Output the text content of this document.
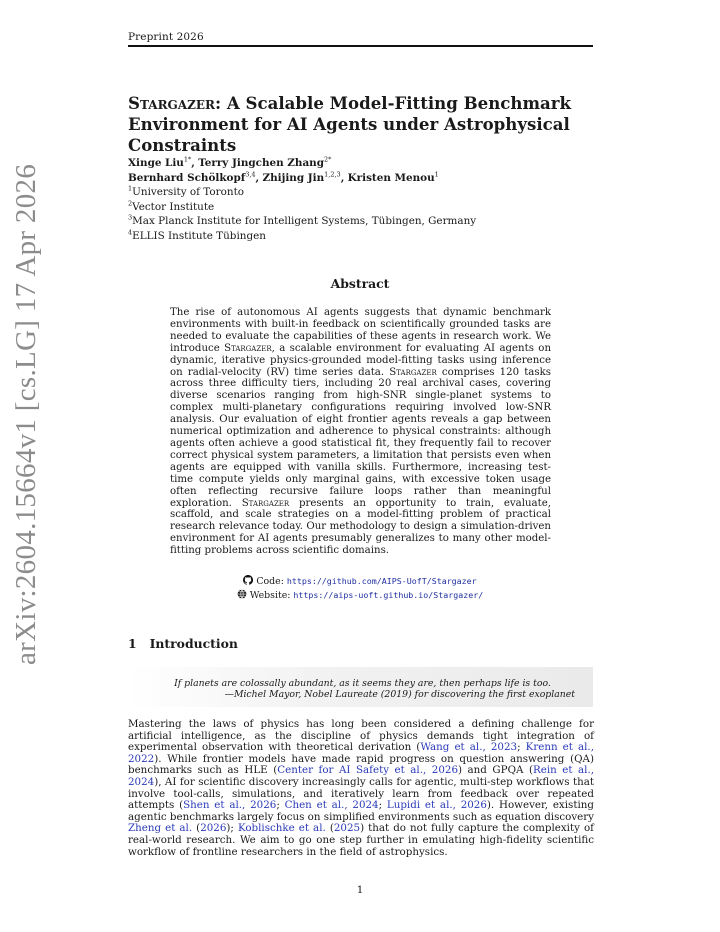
Preprint 2026
Stargazer: A Scalable Model-Fitting Benchmark Environment for AI Agents under Astrophysical Constraints
Xinge Liu$^{1*}$, Terry Jingchen Zhang$^{2*}$
Bernhard Schölkopf$^{3,4}$, Zhijing Jin$^{1,2,3}$, Kristen Menou$^1$
$^1$University of Toronto
$^2$Vector Institute
$^3$Max Planck Institute for Intelligent Systems, Tübingen, Germany
$^4$ELLIS Institute Tübingen
Abstract

The rise of autonomous AI agents suggests that dynamic benchmark environments with built-in feedback on scientifically grounded tasks are needed to evaluate the capabilities of these agents in research work. We introduce Stargazer, a scalable environment for evaluating AI agents on dynamic, iterative physics-grounded model-fitting tasks using inference on radial-velocity (RV) time series data. Stargazer comprises 120 tasks across three difficulty tiers, including 20 real archival cases, covering diverse scenarios ranging from high-SNR single-planet systems to complex multi-planetary configurations requiring involved low-SNR analysis. Our evaluation of eight frontier agents reveals a gap between numerical optimization and adherence to physical constraints: although agents often achieve a good statistical fit, they frequently fail to recover correct physical system parameters, a limitation that persists even when agents are equipped with vanilla skills. Furthermore, increasing test-time compute yields only marginal gains, with excessive token usage often reflecting recursive failure loops rather than meaningful exploration. Stargazer presents an opportunity to train, evaluate, scaffold, and scale strategies on a model-fitting problem of practical research relevance today. Our methodology to design a simulation-driven environment for AI agents presumably generalizes to many other model-fitting problems across scientific domains.

Code: https://github.com/AIPS-UofT/Stargazer
Website: https://aips-uoft.github.io/Stargazer/
1 Introduction
If planets are colossally abundant, as it seems they are, then perhaps life is too.
—Michel Mayor, Nobel Laureate (2019) for discovering the first exoplanet

Mastering the laws of physics has long been considered a defining challenge for artificial intelligence, as the discipline of physics demands tight integration of experimental observation with theoretical derivation (Wang et al., 2023; Krenn et al., 2022). While frontier models have made rapid progress on question answering (QA) benchmarks such as HLE (Center for AI Safety et al., 2026) and GPQA (Rein et al., 2024), AI for scientific discovery increasingly calls for agentic, multi-step workflows that involve tool-calls, simulations, and iteratively learn from feedback over repeated attempts (Shen et al., 2026; Chen et al., 2024; Lupidi et al., 2026). However, existing agentic benchmarks largely focus on simplified environments such as equation discovery Zheng et al. (2026); Koblischke et al. (2025) that do not fully capture the complexity of real-world research. We aim to go one step further in emulating high-fidelity scientific workflow of frontline researchers in the field of astrophysics.

1
arXiv:2604.15664v1 [cs.LG] 17 Apr 2026
